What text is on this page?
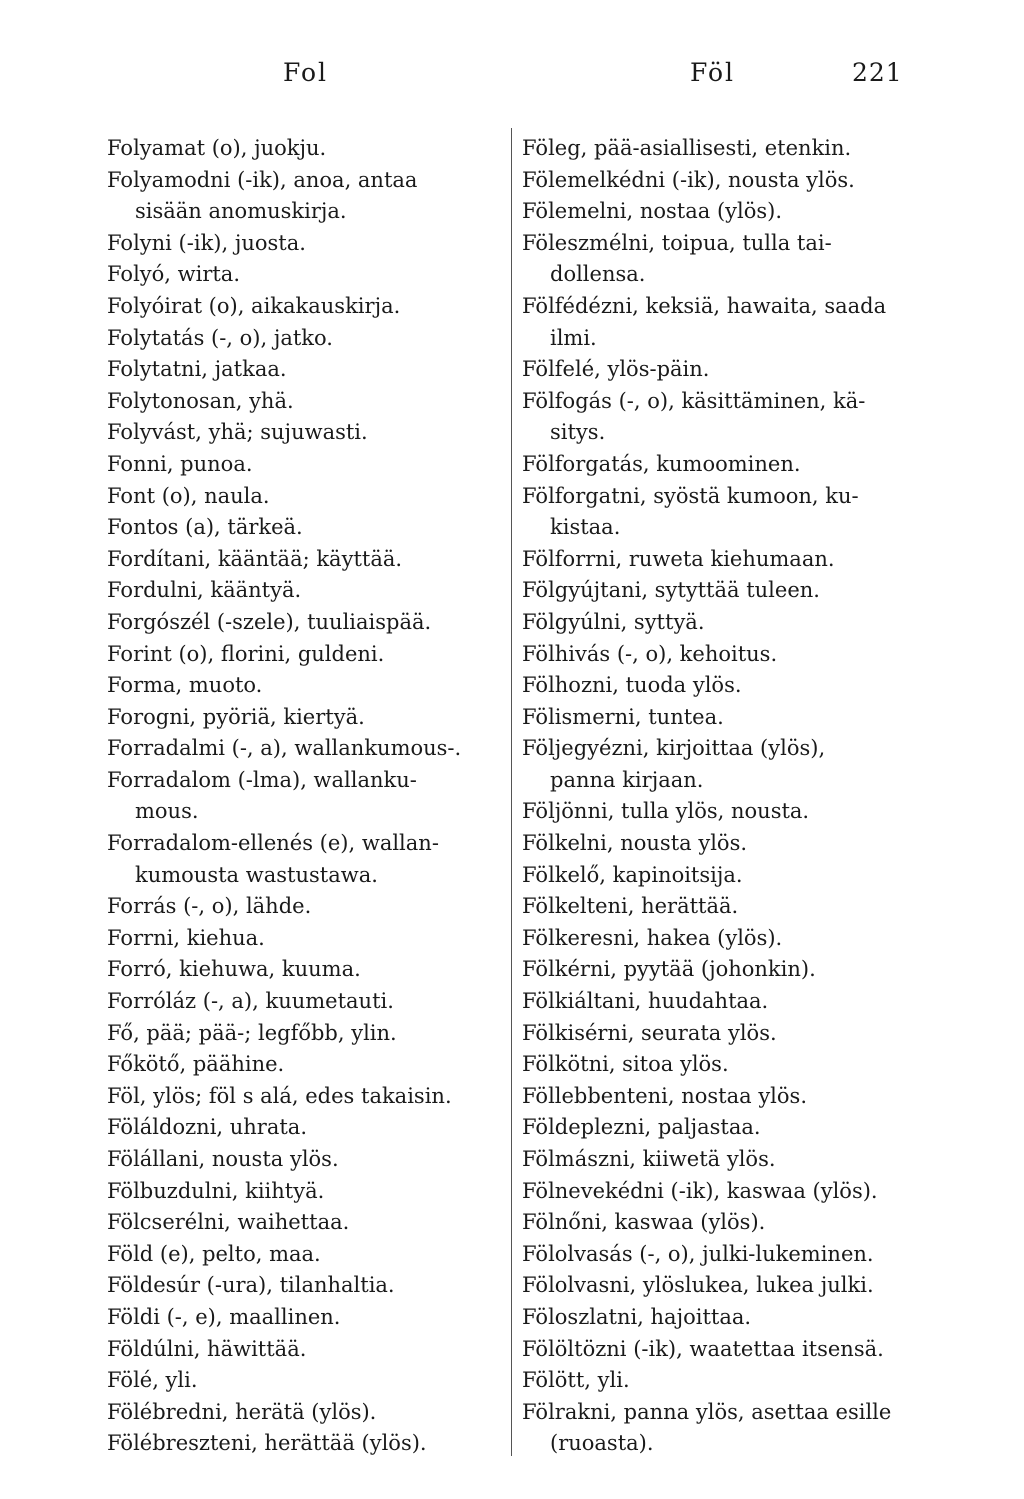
Fol	Föl	221
Folyamat (o), juokju.
Folyamodni (-ik), anoa, antaa
sisään anomuskirja.
Folyni (-ik), juosta.
Folyó, wirta.
Folyóirat (o), aikakauskirja.
Folytatás (-, o), jatko.
Folytatni, jatkaa.
Folytonosan, yhä.
Folyvást, yhä; sujuwasti.
Fonni, punoa.
Font (o), naula.
Fontos (a), tärkeä.
Fordítani, kääntää; käyttää.
Fordulni, kääntyä.
Forgószél (-szele), tuuliaispää.
Forint (o), florini, guldeni.
Forma, muoto.
Forogni, pyöriä, kiertyä.
Forradalmi (-, a), wallankumous-.
Forradalom (-lma), wallanku-
mous.
Forradalom-ellenés (e), wallan-
kumousta wastustawa.
Forrás (-, o), lähde.
Forrni, kiehua.
Forró, kiehuwa, kuuma.
Forróláz (-, a), kuumetauti.
Fő, pää; pää-; legfőbb, ylin.
Főkötő, päähine.
Föl, ylös; föl s alá, edes takaisin.
Föláldozni, uhrata.
Fölállani, nousta ylös.
Fölbuzdulni, kiihtyä.
Fölcserélni, waihettaa.
Föld (e), pelto, maa.
Földesúr (-ura), tilanhaltia.
Földi (-, e), maallinen.
Földúlni, häwittää.
Fölé, yli.
Fölébredni, herätä (ylös).
Fölébreszteni, herättää (ylös).
Föleg, pää-asiallisesti, etenkin.
Fölemelkédni (-ik), nousta ylös.
Fölemelni, nostaa (ylös).
Föleszmélni, toipua, tulla tai-
dollensa.
Fölfédézni, keksiä, hawaita, saada
ilmi.
Fölfelé, ylös-päin.
Fölfogás (-, o), käsittäminen, kä-
sitys.
Fölforgatás, kumoominen.
Fölforgatni, syöstä kumoon, ku-
kistaa.
Fölforrni, ruweta kiehumaan.
Fölgyújtani, sytyttää tuleen.
Fölgyúlni, syttyä.
Fölhivás (-, o), kehoitus.
Fölhozni, tuoda ylös.
Fölismerni, tuntea.
Följegyézni, kirjoittaa (ylös),
panna kirjaan.
Följönni, tulla ylös, nousta.
Fölkelni, nousta ylös.
Fölkelő, kapinoitsija.
Fölkelteni, herättää.
Fölkeresni, hakea (ylös).
Fölkérni, pyytää (johonkin).
Fölkiáltani, huudahtaa.
Fölkisérni, seurata ylös.
Fölkötni, sitoa ylös.
Föllebbenteni, nostaa ylös.
Földeplezni, paljastaa.
Fölmászni, kiiwetä ylös.
Fölnevekédni (-ik), kaswaa (ylös).
Fölnőni, kaswaa (ylös).
Fölolvasás (-, o), julki-lukeminen.
Fölolvasni, ylöslukea, lukea julki.
Föloszlatni, hajoittaa.
Fölöltözni (-ik), waatettaa itsensä.
Fölött, yli.
Fölrakni, panna ylös, asettaa esille
(ruoasta).
